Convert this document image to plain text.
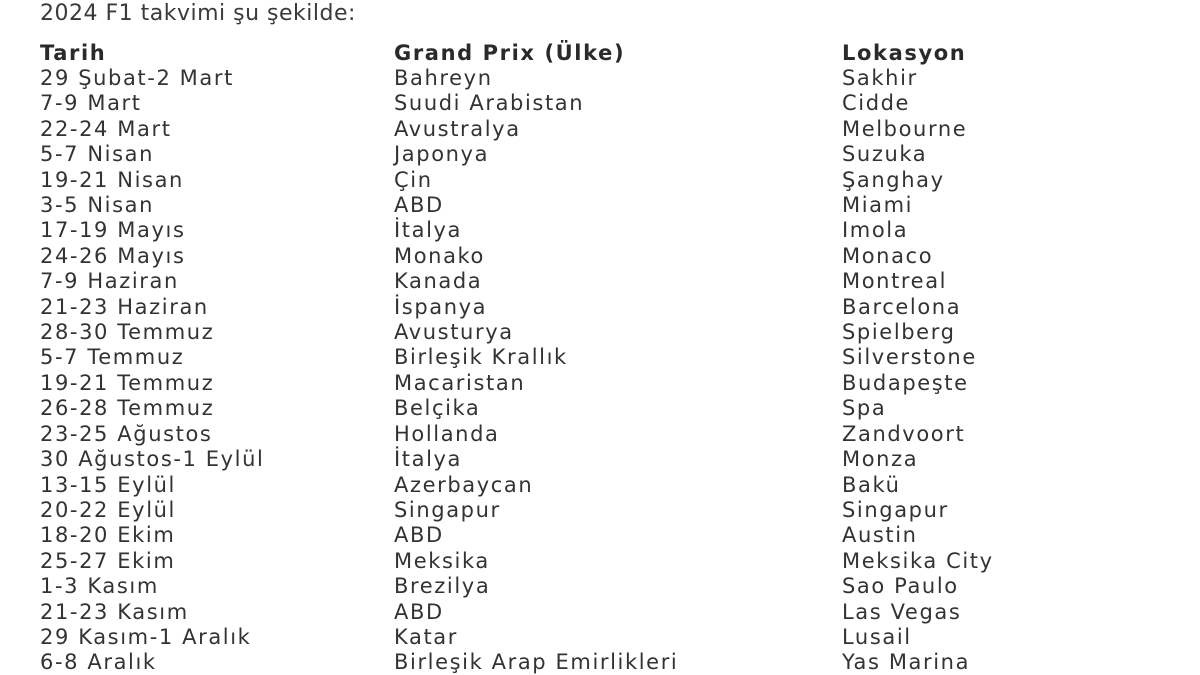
2024 F1 takvimi şu şekilde:
Tarih	Grand Prix (Ülke)	Lokasyon
29 Şubat-2 Mart	Bahreyn	Sakhir
7-9 Mart	Suudi Arabistan	Cidde
22-24 Mart	Avustralya	Melbourne
5-7 Nisan	Japonya	Suzuka
19-21 Nisan	Çin	Şanghay
3-5 Nisan	ABD	Miami
17-19 Mayıs	İtalya	Imola
24-26 Mayıs	Monako	Monaco
7-9 Haziran	Kanada	Montreal
21-23 Haziran	İspanya	Barcelona
28-30 Temmuz	Avusturya	Spielberg
5-7 Temmuz	Birleşik Krallık	Silverstone
19-21 Temmuz	Macaristan	Budapeşte
26-28 Temmuz	Belçika	Spa
23-25 Ağustos	Hollanda	Zandvoort
30 Ağustos-1 Eylül	İtalya	Monza
13-15 Eylül	Azerbaycan	Bakü
20-22 Eylül	Singapur	Singapur
18-20 Ekim	ABD	Austin
25-27 Ekim	Meksika	Meksika City
1-3 Kasım	Brezilya	Sao Paulo
21-23 Kasım	ABD	Las Vegas
29 Kasım-1 Aralık	Katar	Lusail
6-8 Aralık	Birleşik Arap Emirlikleri	Yas Marina
